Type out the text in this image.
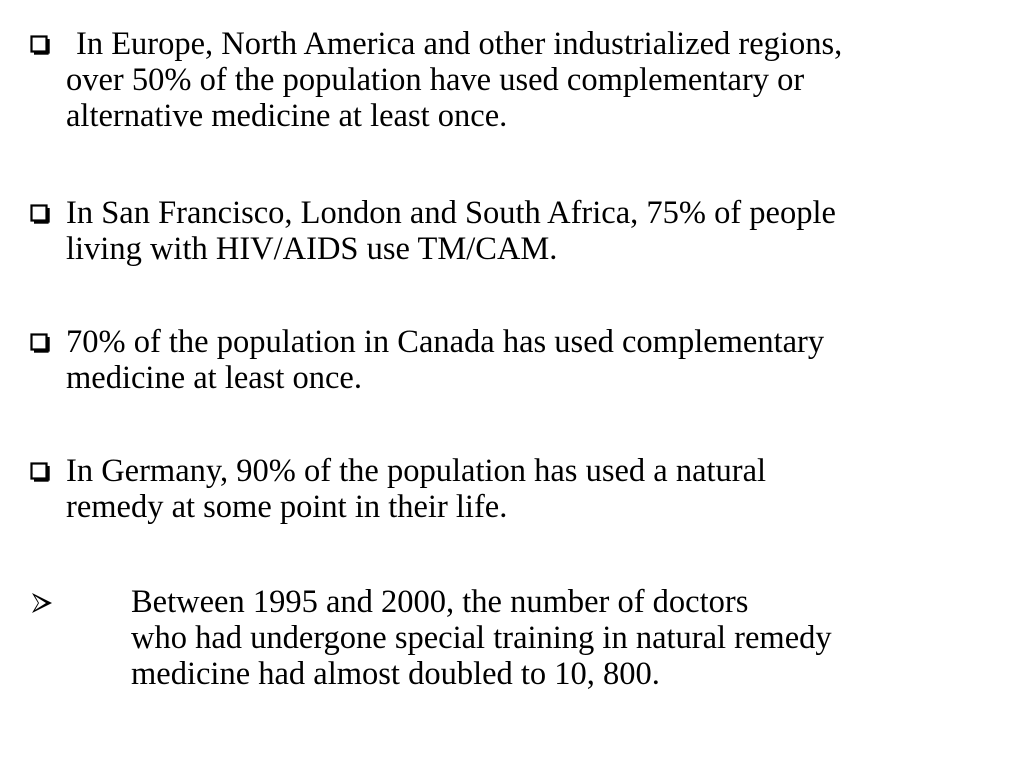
In Europe, North America and other industrialized regions,
over 50% of the population have used complementary or
alternative medicine at least once.
In San Francisco, London and South Africa, 75% of people
living with HIV/AIDS use TM/CAM.
70% of the population in Canada has used complementary
medicine at least once.
In Germany, 90% of the population has used a natural
remedy at some point in their life.
Between 1995 and 2000, the number of doctors
who had undergone special training in natural remedy
medicine had almost doubled to 10, 800.
